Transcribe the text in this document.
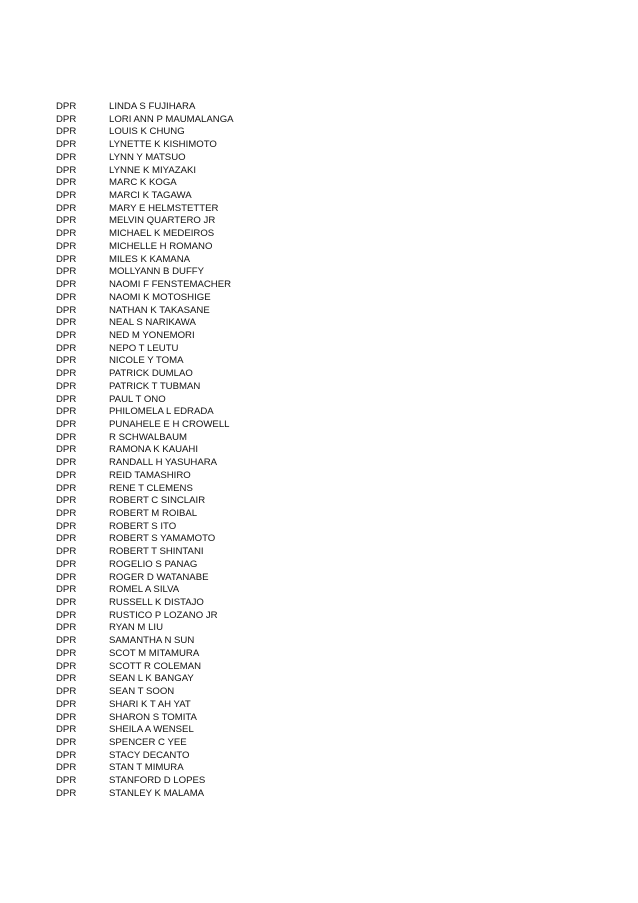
DPR	LINDA S FUJIHARA
DPR	LORI ANN P MAUMALANGA
DPR	LOUIS K CHUNG
DPR	LYNETTE K KISHIMOTO
DPR	LYNN Y MATSUO
DPR	LYNNE K MIYAZAKI
DPR	MARC K KOGA
DPR	MARCI K TAGAWA
DPR	MARY E HELMSTETTER
DPR	MELVIN QUARTERO JR
DPR	MICHAEL K MEDEIROS
DPR	MICHELLE H ROMANO
DPR	MILES K KAMANA
DPR	MOLLYANN B DUFFY
DPR	NAOMI F FENSTEMACHER
DPR	NAOMI K MOTOSHIGE
DPR	NATHAN K TAKASANE
DPR	NEAL S NARIKAWA
DPR	NED M YONEMORI
DPR	NEPO T LEUTU
DPR	NICOLE Y TOMA
DPR	PATRICK DUMLAO
DPR	PATRICK T TUBMAN
DPR	PAUL T ONO
DPR	PHILOMELA L EDRADA
DPR	PUNAHELE E H CROWELL
DPR	R SCHWALBAUM
DPR	RAMONA K KAUAHI
DPR	RANDALL H YASUHARA
DPR	REID TAMASHIRO
DPR	RENE T CLEMENS
DPR	ROBERT C SINCLAIR
DPR	ROBERT M ROIBAL
DPR	ROBERT S ITO
DPR	ROBERT S YAMAMOTO
DPR	ROBERT T SHINTANI
DPR	ROGELIO S PANAG
DPR	ROGER D WATANABE
DPR	ROMEL A SILVA
DPR	RUSSELL K DISTAJO
DPR	RUSTICO P LOZANO JR
DPR	RYAN M LIU
DPR	SAMANTHA N SUN
DPR	SCOT M MITAMURA
DPR	SCOTT R COLEMAN
DPR	SEAN L K BANGAY
DPR	SEAN T SOON
DPR	SHARI K T AH YAT
DPR	SHARON S TOMITA
DPR	SHEILA A WENSEL
DPR	SPENCER C YEE
DPR	STACY DECANTO
DPR	STAN T MIMURA
DPR	STANFORD D LOPES
DPR	STANLEY K MALAMA
